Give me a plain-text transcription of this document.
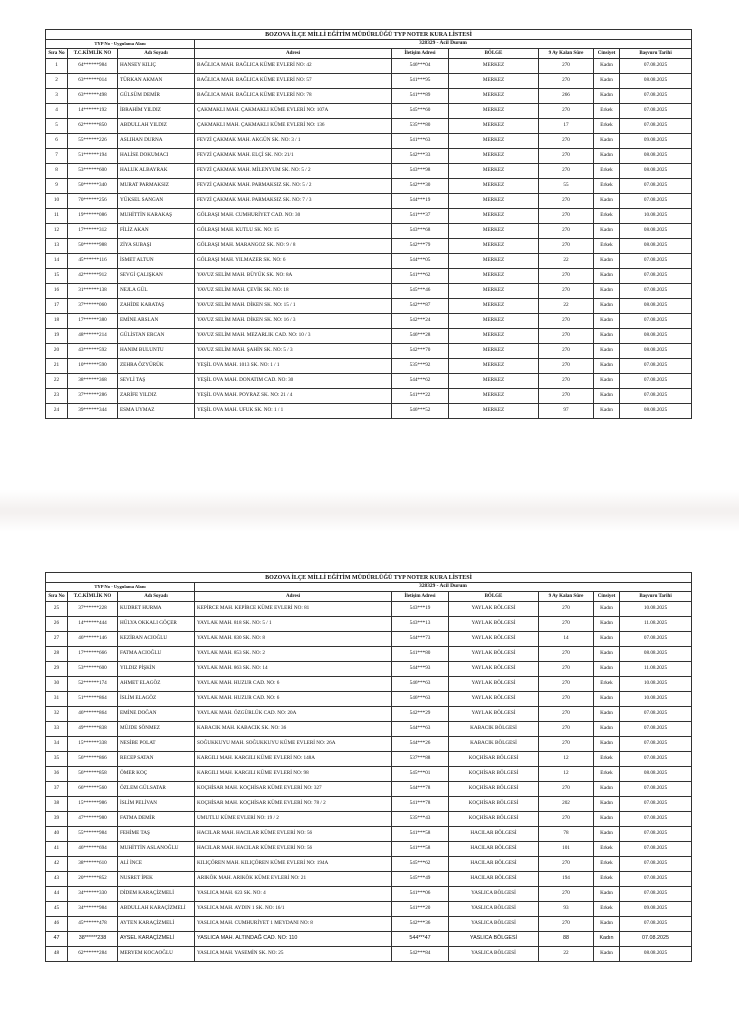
BOZOVA İLÇE MİLLİ EĞİTİM MÜDÜRLÜĞÜ TYP NOTER KURA LİSTESİ								
TYP No - Uygulama Alanı			328329 - Acil Durum					
Sıra No	T.C.KİMLİK NO	Adı Soyadı	Adresi	İletişim Adresi	BÖLGE	9 Ay Kalan Süre	Cinsiyet	Başvuru Tarihi
1	64******984	HANSEY KILIÇ	BAĞLICA MAH. BAĞLICA KÜME EVLERİ NO: 42	546***04	MERKEZ	270	Kadın	07.08.2025
2	63******014	TÜRKAN AKMAN	BAĞLICA MAH. BAĞLICA KÜME EVLERİ NO: 57	541***95	MERKEZ	270	Kadın	08.08.2025
3	63******498	GÜLSÜM DEMİR	BAĞLICA MAH. BAĞLICA KÜME EVLERİ NO: 78	541***89	MERKEZ	266	Kadın	07.08.2025
4	14******192	İBRAHİM YILDIZ	ÇAKMAKLI MAH. ÇAKMAKLI KÜME EVLERİ NO: 107A	545***60	MERKEZ	270	Erkek	07.08.2025
5	62******850	ABDULLAH YILDIZ	ÇAKMAKLI MAH. ÇAKMAKLI KÜME EVLERİ NO: 136	535***80	MERKEZ	17	Erkek	07.08.2025
6	55******226	ASLIHAN DURNA	FEVZİ ÇAKMAK MAH. AKGÜN SK. NO: 3 / 1	541***63	MERKEZ	270	Kadın	09.08.2025
7	51******194	HALİSE DOKUMACI	FEVZİ ÇAKMAK MAH. ELÇİ SK. NO: 21/1	542***33	MERKEZ	270	Kadın	08.08.2025
8	53******600	HALUK ALBAYRAK	FEVZİ ÇAKMAK MAH. MİLENYUM SK. NO: 5 / 2	543***98	MERKEZ	270	Erkek	08.08.2025
9	50******340	MURAT PARMAKSIZ	FEVZİ ÇAKMAK MAH. PARMAKSIZ SK. NO: 5 / 2	542***30	MERKEZ	55	Erkek	07.08.2025
10	70******256	YÜKSEL SANGAN	FEVZİ ÇAKMAK MAH. PARMAKSIZ SK. NO: 7 / 3	544***19	MERKEZ	270	Kadın	07.08.2025
11	19******086	MUHİTTİN KARAKAŞ	GÖLBAŞI MAH. CUMHURİYET CAD. NO: 30	541***37	MERKEZ	270	Erkek	10.08.2025
12	17******312	FİLİZ AKAN	GÖLBAŞI MAH. KUTLU SK. NO: 15	543***68	MERKEZ	270	Kadın	08.08.2025
13	50******988	ZİYA SUBAŞI	GÖLBAŞI MAH. MARANGOZ SK. NO: 9 / 8	542***79	MERKEZ	270	Erkek	08.08.2025
14	45******116	İSMET ALTUN	GÖLBAŞI MAH. YILMAZER SK. NO: 6	544***05	MERKEZ	22	Kadın	07.08.2025
15	42******912	SEVGİ ÇALIŞKAN	YAVUZ SELİM MAH. BÜYÜK SK. NO: 8A	541***62	MERKEZ	270	Kadın	07.08.2025
16	31******138	NEJLA GÜL	YAVUZ SELİM MAH. ÇEVİK SK. NO: 18	545***46	MERKEZ	270	Kadın	07.08.2025
17	37******060	ZAHİDE KARATAŞ	YAVUZ SELİM MAH. DİKEN SK. NO: 15 / 1	542***87	MERKEZ	22	Kadın	08.08.2025
18	17******380	EMİNE ARSLAN	YAVUZ SELİM MAH. DİKEN SK. NO: 16 / 3	542***24	MERKEZ	270	Kadın	07.08.2025
19	48******214	GÜLİSTAN ERCAN	YAVUZ SELİM MAH. MEZARLIK CAD. NO: 10 / 3	546***28	MERKEZ	270	Kadın	08.08.2025
20	43******592	HANIM BULUNTU	YAVUZ SELİM MAH. ŞAHİN SK. NO: 5 / 3	542***70	MERKEZ	270	Kadın	08.08.2025
21	10******590	ZEHRA ÖZYÜRÜK	YEŞİL OVA MAH. 1013 SK. NO: 1 / 1	535***92	MERKEZ	270	Kadın	07.08.2025
22	38******368	SEVLİ TAŞ	YEŞİL OVA MAH. DONATIM CAD. NO: 30	544***62	MERKEZ	270	Kadın	07.08.2025
23	37******286	ZARİFE YILDIZ	YEŞİL OVA MAH. POYRAZ SK. NO: 21 / 4	541***22	MERKEZ	270	Kadın	07.08.2025
24	39******344	ESMA UYMAZ	YEŞİL OVA MAH. UFUK SK. NO: 1 / 1	546***52	MERKEZ	97	Kadın	08.08.2025
BOZOVA İLÇE MİLLİ EĞİTİM MÜDÜRLÜĞÜ TYP NOTER KURA LİSTESİ								
TYP No - Uygulama Alanı			328329 - Acil Durum					
Sıra No	T.C.KİMLİK NO	Adı Soyadı	Adresi	İletişim Adresi	BÖLGE	9 Ay Kalan Süre	Cinsiyet	Başvuru Tarihi
25	37******228	KUDRET HURMA	KEPİRCE MAH. KEPİRCE KÜME EVLERİ NO: 81	543***19	YAYLAK BÖLGESİ	270	Kadın	10.08.2025
26	14******444	HÜLYA OKKALI GÖÇER	YAYLAK MAH. 818 SK. NO: 5 / 1	543***13	YAYLAK BÖLGESİ	270	Kadın	11.08.2025
27	46******146	KEZİBAN ACIOĞLU	YAYLAK MAH. 830 SK. NO: 8	544***73	YAYLAK BÖLGESİ	14	Kadın	07.08.2025
28	17******666	FATMA ACIOĞLU	YAYLAK MAH. 853 SK. NO: 2	541***80	YAYLAK BÖLGESİ	270	Kadın	08.08.2025
29	53******600	YILDIZ PİŞKİN	YAYLAK MAH. 863 SK. NO: 14	544***93	YAYLAK BÖLGESİ	270	Kadın	11.08.2025
30	52******174	AHMET ELAGÖZ	YAYLAK MAH. HUZUR CAD. NO: 6	546***63	YAYLAK BÖLGESİ	270	Erkek	10.08.2025
31	51******864	İSLİM ELAGÖZ	YAYLAK MAH. HUZUR CAD. NO: 6	546***63	YAYLAK BÖLGESİ	270	Kadın	10.08.2025
32	46******864	EMİNE DOĞAN	YAYLAK MAH. ÖZGÜRLÜK CAD. NO: 20A	542***29	YAYLAK BÖLGESİ	270	Kadın	07.08.2025
33	49******838	MÜJDE SÖNMEZ	KABACIK MAH. KABACIK SK. NO: 36	544***63	KABACIK BÖLGESİ	270	Kadın	07.08.2025
34	15******338	NESİBE POLAT	SOĞUKKUYU MAH. SOĞUKKUYU KÜME EVLERİ NO: 26A	544***26	KABACIK BÖLGESİ	270	Kadın	07.08.2025
35	56******866	RECEP SATAN	KARGILI MAH. KARGILI KÜME EVLERİ NO: 148A	537***88	KOÇHİSAR BÖLGESİ	12	Erkek	07.08.2025
36	56******858	ÖMER KOÇ	KARGILI MAH. KARGILI KÜME EVLERİ NO: 98	545***01	KOÇHİSAR BÖLGESİ	12	Erkek	08.08.2025
37	66******560	ÖZLEM GÜLSATAR	KOÇHİSAR MAH. KOÇHİSAR KÜME EVLERİ NO: 327	544***78	KOÇHİSAR BÖLGESİ	270	Kadın	07.08.2025
38	15******986	İSLİM PELİVAN	KOÇHİSAR MAH. KOÇHİSAR KÜME EVLERİ NO: 78 / 2	541***78	KOÇHİSAR BÖLGESİ	202	Kadın	07.08.2025
39	47******980	FATMA DEMİR	UMUTLU KÜME EVLERİ NO: 19 / 2	535***43	KOÇHİSAR BÖLGESİ	270	Kadın	07.08.2025
40	55******984	FEHİME TAŞ	HACILAR MAH. HACILAR KÜME EVLERİ NO: 56	541***58	HACILAR BÖLGESİ	78	Kadın	07.08.2025
41	46******694	MUHİTTİN ASLANOĞLU	HACILAR MAH. HACILAR KÜME EVLERİ NO: 56	541***58	HACILAR BÖLGESİ	101	Erkek	07.08.2025
42	38******610	ALİ İNCE	KILIÇÖREN MAH. KILIÇÖREN KÜME EVLERİ NO: 194A	545***62	HACILAR BÖLGESİ	270	Erkek	07.08.2025
43	20******852	NUSRET İPEK	ARIKÖK MAH. ARIKÖK KÜME EVLERİ NO: 21	545***49	HACILAR BÖLGESİ	194	Erkek	07.08.2025
44	34******330	DİDEM KARAÇİZMELİ	YASLICA MAH. 623 SK. NO: 4	541***06	YASLICA BÖLGESİ	270	Kadın	07.08.2025
45	34******984	ABDULLAH KARAÇİZMELİ	YASLICA MAH. AYDIN 1 SK. NO: 16/1	541***20	YASLICA BÖLGESİ	93	Erkek	09.08.2025
46	45******478	AYTEN KARAÇİZMELİ	YASLICA MAH. CUMHURİYET 1 MEYDANI NO: 8	542***36	YASLICA BÖLGESİ	270	Kadın	07.08.2025
47	38******238	AYSEL KARAÇİZMELİ	YASLICA MAH. ALTINDAĞ CAD. NO: 110	544***47	YASLICA BÖLGESİ	88	Kadın	07.08.2025
48	62******284	MERYEM KOCAOĞLU	YASLICA MAH. YASEMİN SK. NO: 25	542***84	YASLICA BÖLGESİ	22	Kadın	08.08.2025
